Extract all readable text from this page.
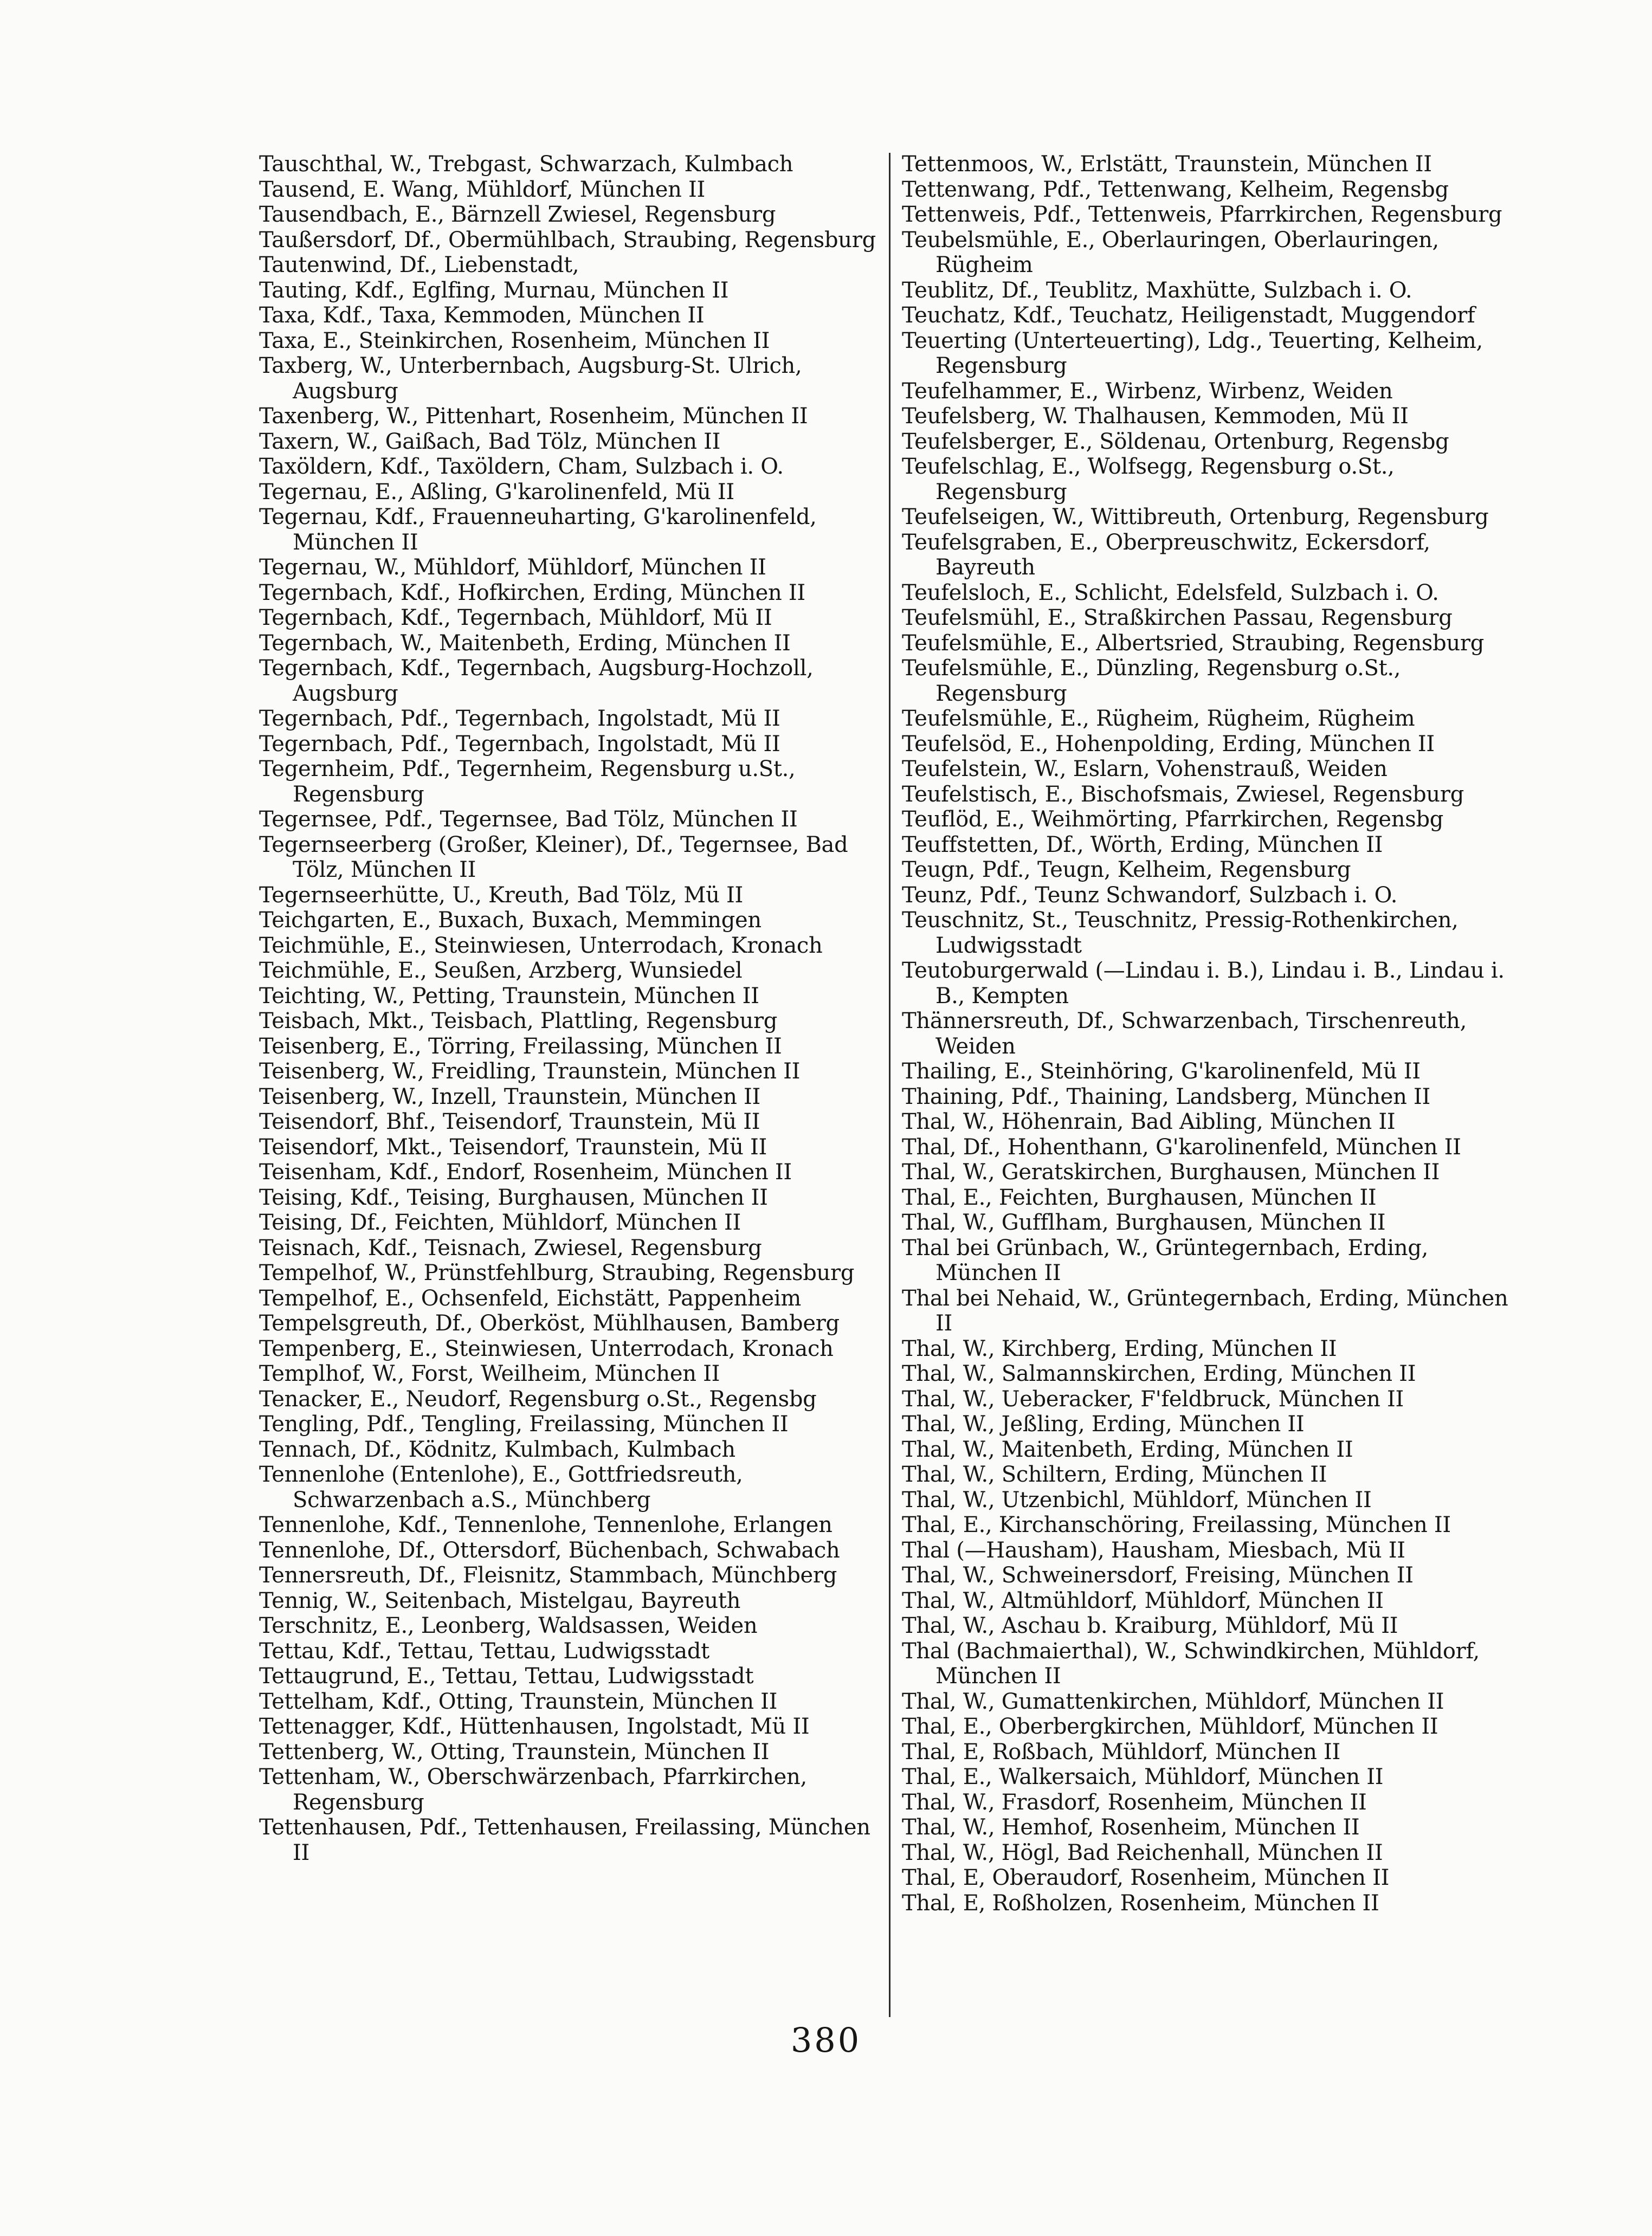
Tauschthal, W., Trebgast, Schwarzach, Kulmbach
Tausend, E. Wang, Mühldorf, München II
Tausendbach, E., Bärnzell Zwiesel, Regensburg
Taußersdorf, Df., Obermühlbach, Straubing, Regensburg
Tautenwind, Df., Liebenstadt,
Tauting, Kdf., Eglfing, Murnau, München II
Taxa, Kdf., Taxa, Kemmoden, München II
Taxa, E., Steinkirchen, Rosenheim, München II
Taxberg, W., Unterbernbach, Augsburg-St. Ulrich, Augsburg
Taxenberg, W., Pittenhart, Rosenheim, München II
Taxern, W., Gaißach, Bad Tölz, München II
Taxöldern, Kdf., Taxöldern, Cham, Sulzbach i. O.
Tegernau, E., Aßling, G'karolinenfeld, Mü II
Tegernau, Kdf., Frauenneuharting, G'karolinenfeld, München II
Tegernau, W., Mühldorf, Mühldorf, München II
Tegernbach, Kdf., Hofkirchen, Erding, München II
Tegernbach, Kdf., Tegernbach, Mühldorf, Mü II
Tegernbach, W., Maitenbeth, Erding, München II
Tegernbach, Kdf., Tegernbach, Augsburg-Hochzoll, Augsburg
Tegernbach, Pdf., Tegernbach, Ingolstadt, Mü II
Tegernbach, Pdf., Tegernbach, Ingolstadt, Mü II
Tegernheim, Pdf., Tegernheim, Regensburg u.St., Regensburg
Tegernsee, Pdf., Tegernsee, Bad Tölz, München II
Tegernseerberg (Großer, Kleiner), Df., Tegernsee, Bad Tölz, München II
Tegernseerhütte, U., Kreuth, Bad Tölz, Mü II
Teichgarten, E., Buxach, Buxach, Memmingen
Teichmühle, E., Steinwiesen, Unterrodach, Kronach
Teichmühle, E., Seußen, Arzberg, Wunsiedel
Teichting, W., Petting, Traunstein, München II
Teisbach, Mkt., Teisbach, Plattling, Regensburg
Teisenberg, E., Törring, Freilassing, München II
Teisenberg, W., Freidling, Traunstein, München II
Teisenberg, W., Inzell, Traunstein, München II
Teisendorf, Bhf., Teisendorf, Traunstein, Mü II
Teisendorf, Mkt., Teisendorf, Traunstein, Mü II
Teisenham, Kdf., Endorf, Rosenheim, München II
Teising, Kdf., Teising, Burghausen, München II
Teising, Df., Feichten, Mühldorf, München II
Teisnach, Kdf., Teisnach, Zwiesel, Regensburg
Tempelhof, W., Prünstfehlburg, Straubing, Regensburg
Tempelhof, E., Ochsenfeld, Eichstätt, Pappenheim
Tempelsgreuth, Df., Oberköst, Mühlhausen, Bamberg
Tempenberg, E., Steinwiesen, Unterrodach, Kronach
Templhof, W., Forst, Weilheim, München II
Tenacker, E., Neudorf, Regensburg o.St., Regensbg
Tengling, Pdf., Tengling, Freilassing, München II
Tennach, Df., Ködnitz, Kulmbach, Kulmbach
Tennenlohe (Entenlohe), E., Gottfriedsreuth, Schwarzenbach a.S., Münchberg
Tennenlohe, Kdf., Tennenlohe, Tennenlohe, Erlangen
Tennenlohe, Df., Ottersdorf, Büchenbach, Schwabach
Tennersreuth, Df., Fleisnitz, Stammbach, Münchberg
Tennig, W., Seitenbach, Mistelgau, Bayreuth
Terschnitz, E., Leonberg, Waldsassen, Weiden
Tettau, Kdf., Tettau, Tettau, Ludwigsstadt
Tettaugrund, E., Tettau, Tettau, Ludwigsstadt
Tettelham, Kdf., Otting, Traunstein, München II
Tettenagger, Kdf., Hüttenhausen, Ingolstadt, Mü II
Tettenberg, W., Otting, Traunstein, München II
Tettenham, W., Oberschwärzenbach, Pfarrkirchen, Regensburg
Tettenhausen, Pdf., Tettenhausen, Freilassing, München II
Tettenmoos, W., Erlstätt, Traunstein, München II
Tettenwang, Pdf., Tettenwang, Kelheim, Regensbg
Tettenweis, Pdf., Tettenweis, Pfarrkirchen, Regensburg
Teubelsmühle, E., Oberlauringen, Oberlauringen, Rügheim
Teublitz, Df., Teublitz, Maxhütte, Sulzbach i. O.
Teuchatz, Kdf., Teuchatz, Heiligenstadt, Muggendorf
Teuerting (Unterteuerting), Ldg., Teuerting, Kelheim, Regensburg
Teufelhammer, E., Wirbenz, Wirbenz, Weiden
Teufelsberg, W. Thalhausen, Kemmoden, Mü II
Teufelsberger, E., Söldenau, Ortenburg, Regensbg
Teufelschlag, E., Wolfsegg, Regensburg o.St., Regensburg
Teufelseigen, W., Wittibreuth, Ortenburg, Regensburg
Teufelsgraben, E., Oberpreuschwitz, Eckersdorf, Bayreuth
Teufelsloch, E., Schlicht, Edelsfeld, Sulzbach i. O.
Teufelsmühl, E., Straßkirchen Passau, Regensburg
Teufelsmühle, E., Albertsried, Straubing, Regensburg
Teufelsmühle, E., Dünzling, Regensburg o.St., Regensburg
Teufelsmühle, E., Rügheim, Rügheim, Rügheim
Teufelsöd, E., Hohenpolding, Erding, München II
Teufelstein, W., Eslarn, Vohenstrauß, Weiden
Teufelstisch, E., Bischofsmais, Zwiesel, Regensburg
Teuflöd, E., Weihmörting, Pfarrkirchen, Regensbg
Teuffstetten, Df., Wörth, Erding, München II
Teugn, Pdf., Teugn, Kelheim, Regensburg
Teunz, Pdf., Teunz Schwandorf, Sulzbach i. O.
Teuschnitz, St., Teuschnitz, Pressig-Rothenkirchen, Ludwigsstadt
Teutoburgerwald (—Lindau i. B.), Lindau i. B., Lindau i. B., Kempten
Thännersreuth, Df., Schwarzenbach, Tirschenreuth, Weiden
Thailing, E., Steinhöring, G'karolinenfeld, Mü II
Thaining, Pdf., Thaining, Landsberg, München II
Thal, W., Höhenrain, Bad Aibling, München II
Thal, Df., Hohenthann, G'karolinenfeld, München II
Thal, W., Geratskirchen, Burghausen, München II
Thal, E., Feichten, Burghausen, München II
Thal, W., Gufflham, Burghausen, München II
Thal bei Grünbach, W., Grüntegernbach, Erding, München II
Thal bei Nehaid, W., Grüntegernbach, Erding, München II
Thal, W., Kirchberg, Erding, München II
Thal, W., Salmannskirchen, Erding, München II
Thal, W., Ueberacker, F'feldbruck, München II
Thal, W., Jeßling, Erding, München II
Thal, W., Maitenbeth, Erding, München II
Thal, W., Schiltern, Erding, München II
Thal, W., Utzenbichl, Mühldorf, München II
Thal, E., Kirchanschöring, Freilassing, München II
Thal (—Hausham), Hausham, Miesbach, Mü II
Thal, W., Schweinersdorf, Freising, München II
Thal, W., Altmühldorf, Mühldorf, München II
Thal, W., Aschau b. Kraiburg, Mühldorf, Mü II
Thal (Bachmaierthal), W., Schwindkirchen, Mühldorf, München II
Thal, W., Gumattenkirchen, Mühldorf, München II
Thal, E., Oberbergkirchen, Mühldorf, München II
Thal, E, Roßbach, Mühldorf, München II
Thal, E., Walkersaich, Mühldorf, München II
Thal, W., Frasdorf, Rosenheim, München II
Thal, W., Hemhof, Rosenheim, München II
Thal, W., Högl, Bad Reichenhall, München II
Thal, E, Oberaudorf, Rosenheim, München II
Thal, E, Roßholzen, Rosenheim, München II
380
